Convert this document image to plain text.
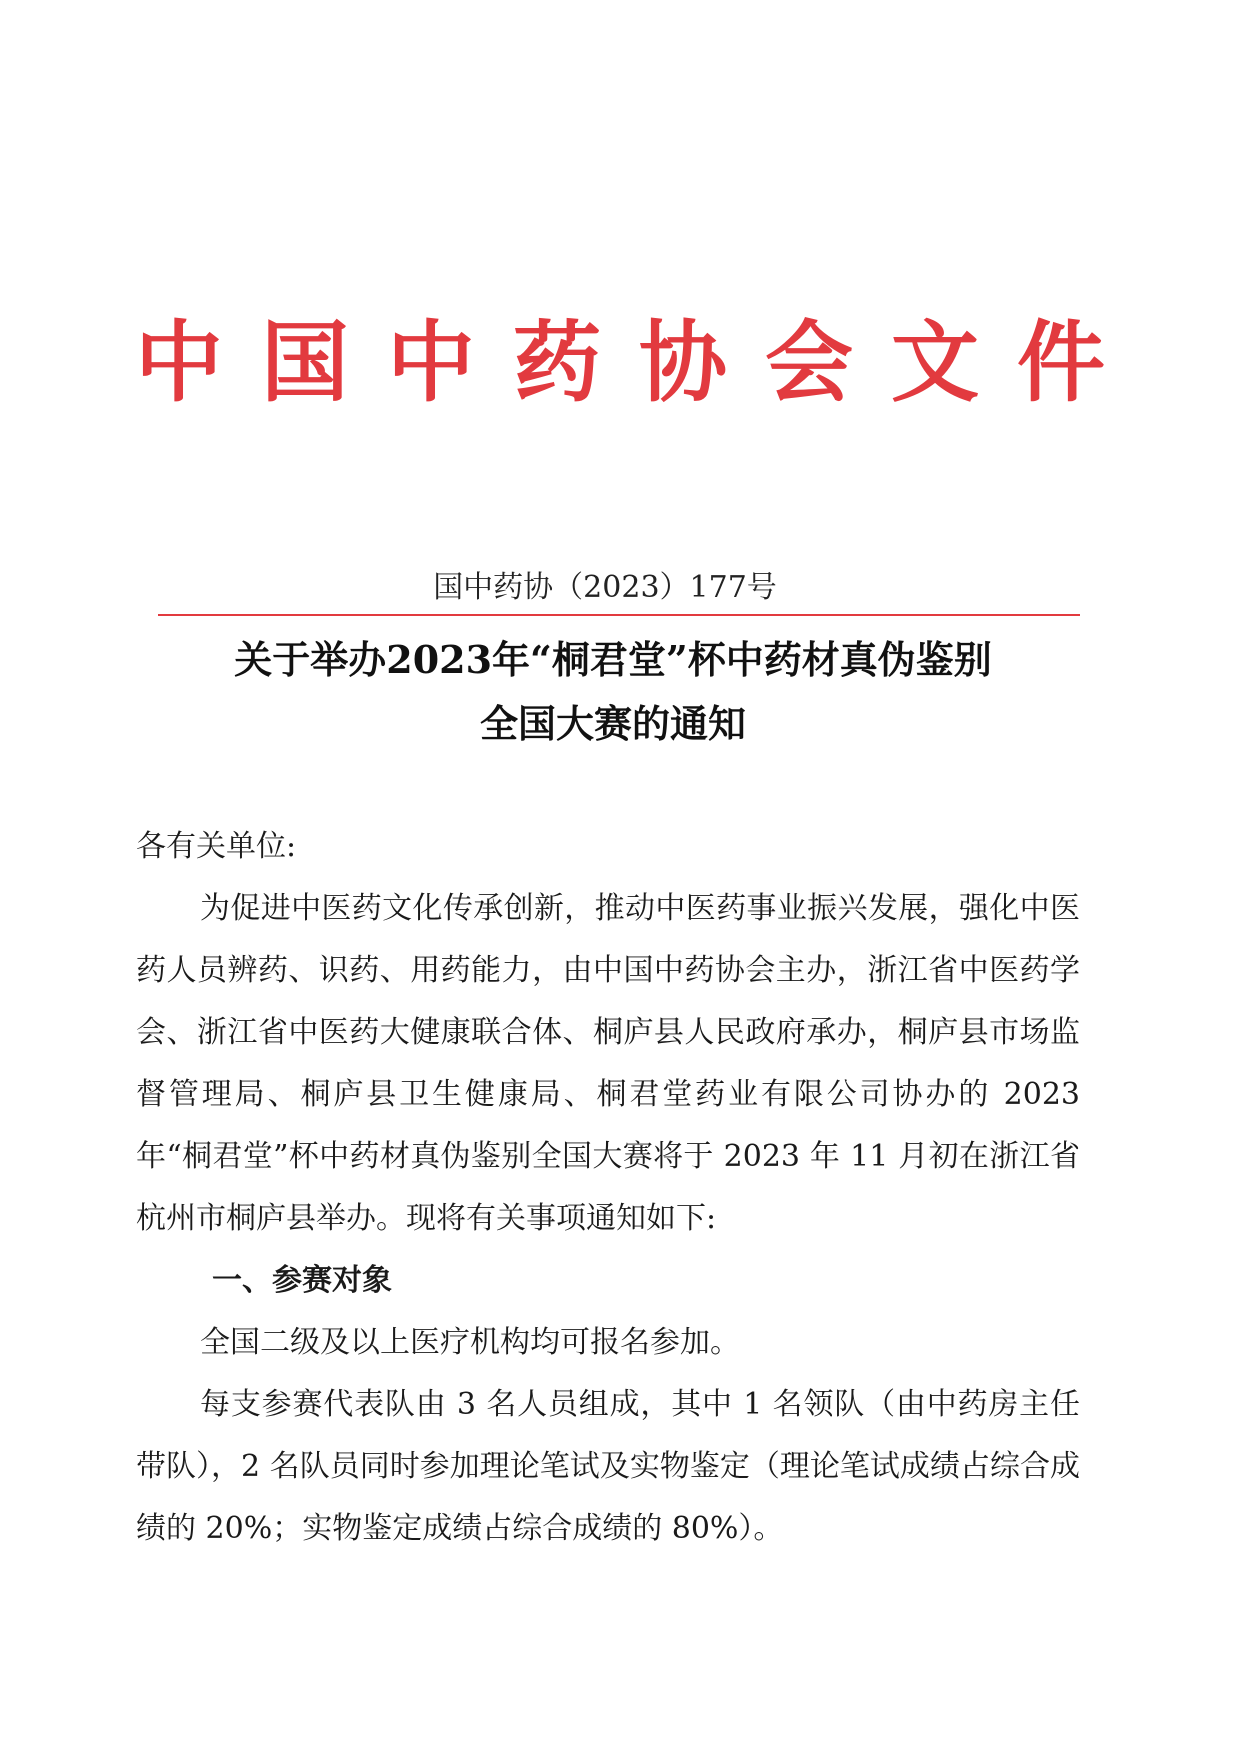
中国中药协会文件
国中药协（2023）177号
关于举办2023年“桐君堂”杯中药材真伪鉴别
全国大赛的通知

各有关单位:

为促进中医药文化传承创新，推动中医药事业振兴发展，强化中医药人员辨药、识药、用药能力，由中国中药协会主办，浙江省中医药学会、浙江省中医药大健康联合体、桐庐县人民政府承办，桐庐县市场监督管理局、桐庐县卫生健康局、桐君堂药业有限公司协办的 2023 年“桐君堂”杯中药材真伪鉴别全国大赛将于 2023 年 11 月初在浙江省杭州市桐庐县举办。现将有关事项通知如下:

一、参赛对象

全国二级及以上医疗机构均可报名参加。

每支参赛代表队由 3 名人员组成，其中 1 名领队（由中药房主任带队），2 名队员同时参加理论笔试及实物鉴定（理论笔试成绩占综合成绩的 20%；实物鉴定成绩占综合成绩的 80%）。
